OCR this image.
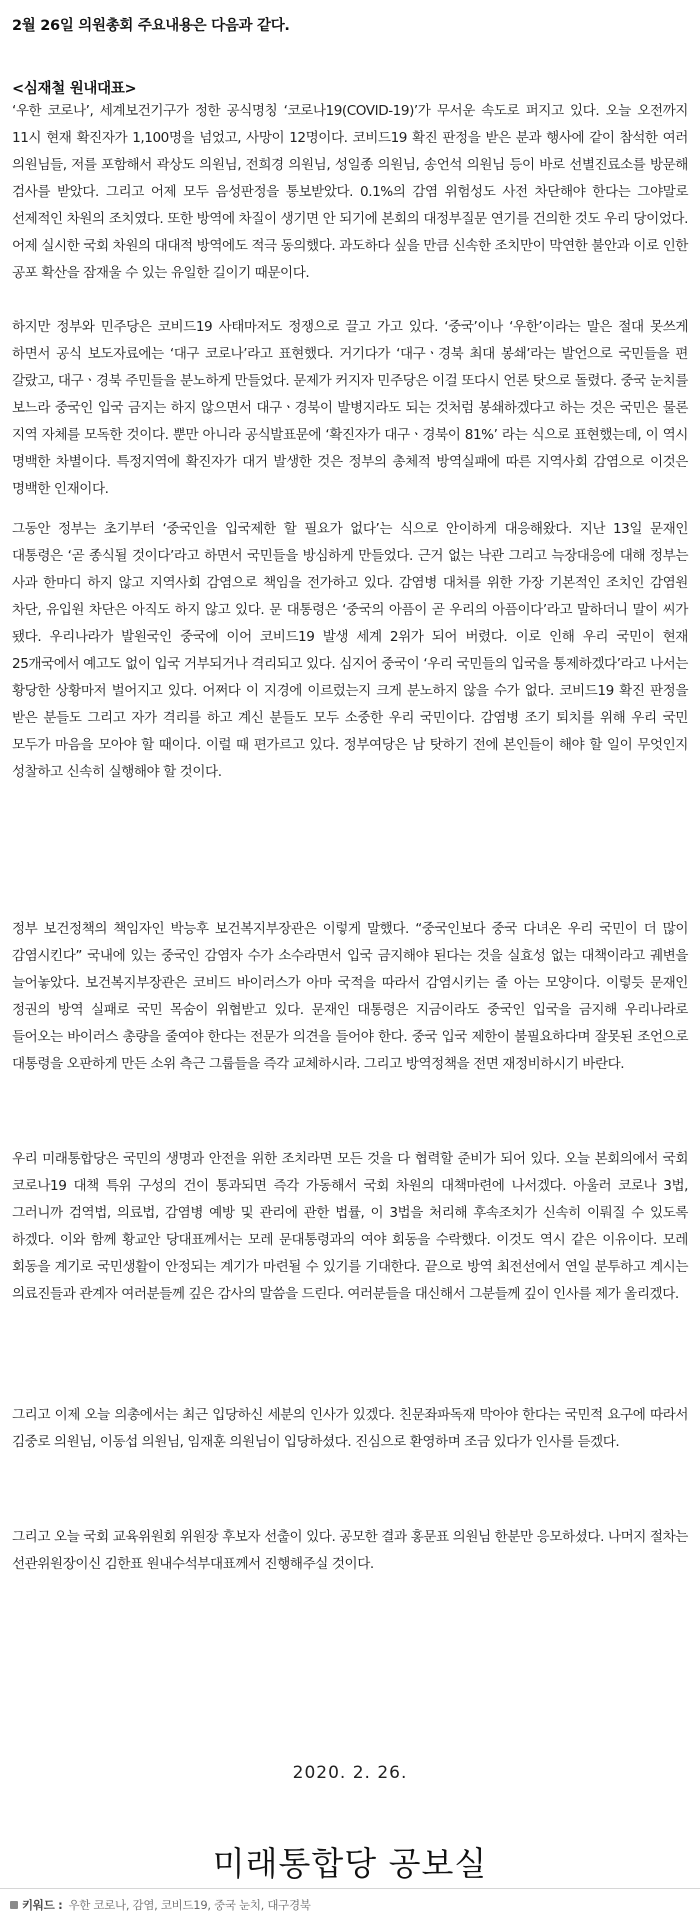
2월 26일 의원총회 주요내용은 다음과 같다.
<심재철 원내대표>

‘우한 코로나’, 세계보건기구가 정한 공식명칭 ‘코로나19(COVID-19)’가 무서운 속도로 퍼지고 있다. 오늘 오전까지 11시 현재 확진자가 1,100명을 넘었고, 사망이 12명이다. 코비드19 확진 판정을 받은 분과 행사에 같이 참석한 여러 의원님들, 저를 포함해서 곽상도 의원님, 전희경 의원님, 성일종 의원님, 송언석 의원님 등이 바로 선별진료소를 방문해 검사를 받았다. 그리고 어제 모두 음성판정을 통보받았다. 0.1%의 감염 위험성도 사전 차단해야 한다는 그야말로 선제적인 차원의 조치였다. 또한 방역에 차질이 생기면 안 되기에 본회의 대정부질문 연기를 건의한 것도 우리 당이었다. 어제 실시한 국회 차원의 대대적 방역에도 적극 동의했다. 과도하다 싶을 만큼 신속한 조치만이 막연한 불안과 이로 인한 공포 확산을 잠재울 수 있는 유일한 길이기 때문이다.

하지만 정부와 민주당은 코비드19 사태마저도 정쟁으로 끌고 가고 있다. ‘중국’이나 ‘우한’이라는 말은 절대 못쓰게 하면서 공식 보도자료에는 ‘대구 코로나’라고 표현했다. 거기다가 ‘대구ㆍ경북 최대 봉쇄’라는 발언으로 국민들을 편 갈랐고, 대구ㆍ경북 주민들을 분노하게 만들었다. 문제가 커지자 민주당은 이걸 또다시 언론 탓으로 돌렸다. 중국 눈치를 보느라 중국인 입국 금지는 하지 않으면서 대구ㆍ경북이 발병지라도 되는 것처럼 봉쇄하겠다고 하는 것은 국민은 물론 지역 자체를 모독한 것이다. 뿐만 아니라 공식발표문에 ‘확진자가 대구ㆍ경북이 81%’ 라는 식으로 표현했는데, 이 역시 명백한 차별이다. 특정지역에 확진자가 대거 발생한 것은 정부의 총체적 방역실패에 따른 지역사회 감염으로 이것은 명백한 인재이다.

그동안 정부는 초기부터 ‘중국인을 입국제한 할 필요가 없다’는 식으로 안이하게 대응해왔다. 지난 13일 문재인 대통령은 ‘곧 종식될 것이다’라고 하면서 국민들을 방심하게 만들었다. 근거 없는 낙관 그리고 늑장대응에 대해 정부는 사과 한마디 하지 않고 지역사회 감염으로 책임을 전가하고 있다. 감염병 대처를 위한 가장 기본적인 조치인 감염원 차단, 유입원 차단은 아직도 하지 않고 있다. 문 대통령은 ‘중국의 아픔이 곧 우리의 아픔이다’라고 말하더니 말이 씨가 됐다. 우리나라가 발원국인 중국에 이어 코비드19 발생 세계 2위가 되어 버렸다. 이로 인해 우리 국민이 현재 25개국에서 예고도 없이 입국 거부되거나 격리되고 있다. 심지어 중국이 ‘우리 국민들의 입국을 통제하겠다’라고 나서는 황당한 상황마저 벌어지고 있다. 어쩌다 이 지경에 이르렀는지 크게 분노하지 않을 수가 없다. 코비드19 확진 판정을 받은 분들도 그리고 자가 격리를 하고 계신 분들도 모두 소중한 우리 국민이다. 감염병 조기 퇴치를 위해 우리 국민 모두가 마음을 모아야 할 때이다. 이럴 때 편가르고 있다. 정부여당은 남 탓하기 전에 본인들이 해야 할 일이 무엇인지 성찰하고 신속히 실행해야 할 것이다.

정부 보건정책의 책임자인 박능후 보건복지부장관은 이렇게 말했다. “중국인보다 중국 다녀온 우리 국민이 더 많이 감염시킨다” 국내에 있는 중국인 감염자 수가 소수라면서 입국 금지해야 된다는 것을 실효성 없는 대책이라고 궤변을 늘어놓았다. 보건복지부장관은 코비드 바이러스가 아마 국적을 따라서 감염시키는 줄 아는 모양이다. 이렇듯 문재인 정권의 방역 실패로 국민 목숨이 위협받고 있다. 문재인 대통령은 지금이라도 중국인 입국을 금지해 우리나라로 들어오는 바이러스 총량을 줄여야 한다는 전문가 의견을 들어야 한다. 중국 입국 제한이 불필요하다며 잘못된 조언으로 대통령을 오판하게 만든 소위 측근 그룹들을 즉각 교체하시라. 그리고 방역정책을 전면 재정비하시기 바란다.

우리 미래통합당은 국민의 생명과 안전을 위한 조치라면 모든 것을 다 협력할 준비가 되어 있다. 오늘 본회의에서 국회 코로나19 대책 특위 구성의 건이 통과되면 즉각 가동해서 국회 차원의 대책마련에 나서겠다. 아울러 코로나 3법, 그러니까 검역법, 의료법, 감염병 예방 및 관리에 관한 법률, 이 3법을 처리해 후속조치가 신속히 이뤄질 수 있도록 하겠다. 이와 함께 황교안 당대표께서는 모레 문대통령과의 여야 회동을 수락했다. 이것도 역시 같은 이유이다. 모레 회동을 계기로 국민생활이 안정되는 계기가 마련될 수 있기를 기대한다. 끝으로 방역 최전선에서 연일 분투하고 계시는 의료진들과 관계자 여러분들께 깊은 감사의 말씀을 드린다. 여러분들을 대신해서 그분들께 깊이 인사를 제가 올리겠다.

그리고 이제 오늘 의총에서는 최근 입당하신 세분의 인사가 있겠다. 친문좌파독재 막아야 한다는 국민적 요구에 따라서 김중로 의원님, 이동섭 의원님, 임재훈 의원님이 입당하셨다. 진심으로 환영하며 조금 있다가 인사를 듣겠다.

그리고 오늘 국회 교육위원회 위원장 후보자 선출이 있다. 공모한 결과 홍문표 의원님 한분만 응모하셨다. 나머지 절차는 선관위원장이신 김한표 원내수석부대표께서 진행해주실 것이다.

2020. 2. 26.
미래통합당 공보실
키워드 : 우한 코로나, 감염, 코비드19, 중국 눈치, 대구경북
